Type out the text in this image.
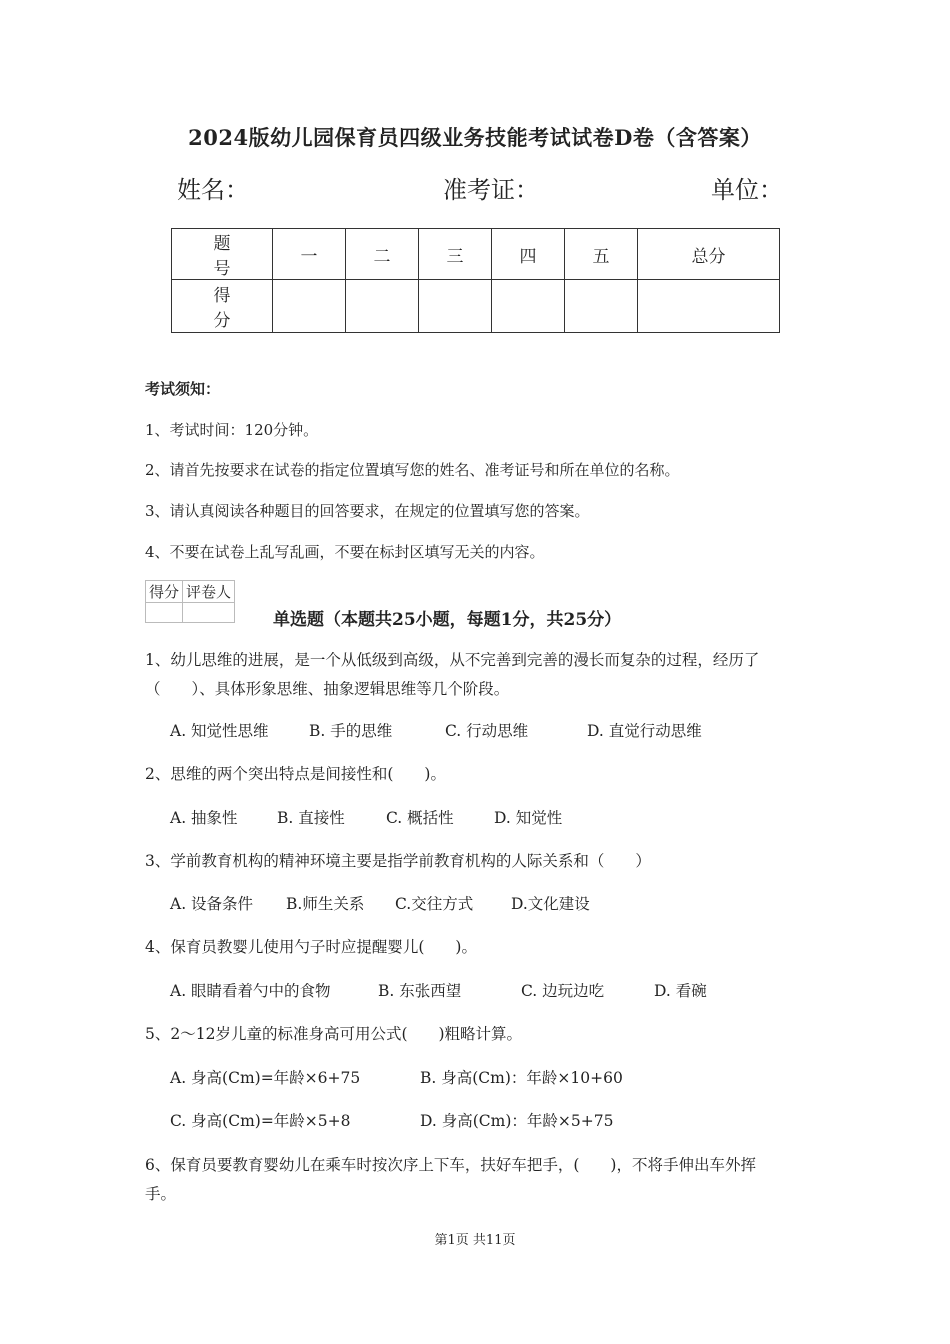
2024版幼儿园保育员四级业务技能考试试卷D卷（含答案）
姓名：	准考证：	单位：
题　号	一	二	三	四	五	总分
得　分						
考试须知：
1、考试时间：120分钟。
2、请首先按要求在试卷的指定位置填写您的姓名、准考证号和所在单位的名称。
3、请认真阅读各种题目的回答要求，在规定的位置填写您的答案。
4、不要在试卷上乱写乱画，不要在标封区填写无关的内容。
得分	评卷人

单选题（本题共25小题，每题1分，共25分）
1、幼儿思维的进展，是一个从低级到高级，从不完善到完善的漫长而复杂的过程，经历了
（　　）、具体形象思维、抽象逻辑思维等几个阶段。
A. 知觉性思维	B. 手的思维	C. 行动思维	D. 直觉行动思维
2、思维的两个突出特点是间接性和(　　)。
A. 抽象性	B. 直接性	C. 概括性	D. 知觉性
3、学前教育机构的精神环境主要是指学前教育机构的人际关系和（　　）
A. 设备条件 B.师生关系 C.交往方式 D.文化建设
4、保育员教婴儿使用勺子时应提醒婴儿(　　)。
A. 眼睛看着勺中的食物	B. 东张西望	C. 边玩边吃	D. 看碗
5、2～12岁儿童的标准身高可用公式(　　)粗略计算。
A. 身高(Cm)=年龄×6+75	B. 身高(Cm)：年龄×10+60
C. 身高(Cm)=年龄×5+8	D. 身高(Cm)：年龄×5+75
6、保育员要教育婴幼儿在乘车时按次序上下车，扶好车把手，(　　)，不将手伸出车外挥
手。
第1页 共11页
